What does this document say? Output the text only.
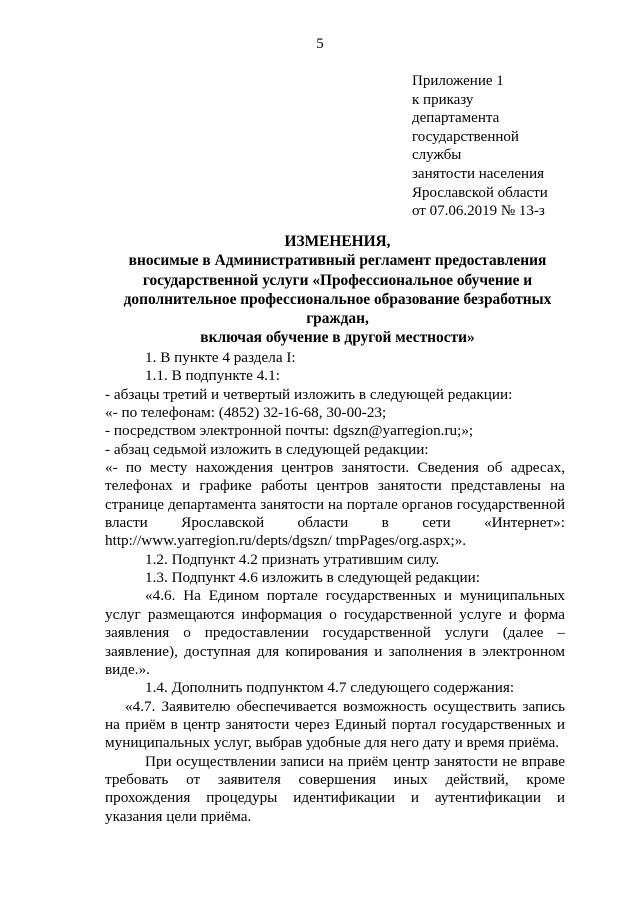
5
Приложение 1
к приказу
департамента
государственной
службы
занятости населения
Ярославской области
от 07.06.2019 № 13-з
ИЗМЕНЕНИЯ,
вносимые в Административный регламент предоставления
государственной услуги «Профессиональное обучение и
дополнительное профессиональное образование безработных
граждан,
включая обучение в другой местности»

1. В пункте 4 раздела I:

1.1. В подпункте 4.1:

- абзацы третий и четвертый изложить в следующей редакции:

«- по телефонам: (4852) 32-16-68, 30-00-23;

- посредством электронной почты: dgszn@yarregion.ru;»;

- абзац седьмой изложить в следующей редакции:

«- по месту нахождения центров занятости. Сведения об адресах, телефонах и графике работы центров занятости представлены на странице департамента занятости на портале органов государственной власти Ярославской области в сети «Интернет»: http://www.yarregion.ru/depts/dgszn/ tmpPages/org.aspx;».

1.2. Подпункт 4.2 признать утратившим силу.

1.3. Подпункт 4.6 изложить в следующей редакции:

«4.6. На Едином портале государственных и муниципальных услуг размещаются информация о государственной услуге и форма заявления о предоставлении государственной услуги (далее – заявление), доступная для копирования и заполнения в электронном виде.».

1.4. Дополнить подпунктом 4.7 следующего содержания:

«4.7. Заявителю обеспечивается возможность осуществить запись на приём в центр занятости через Единый портал государственных и муниципальных услуг, выбрав удобные для него дату и время приёма.

При осуществлении записи на приём центр занятости не вправе требовать от заявителя совершения иных действий, кроме прохождения процедуры идентификации и аутентификации и указания цели приёма.
